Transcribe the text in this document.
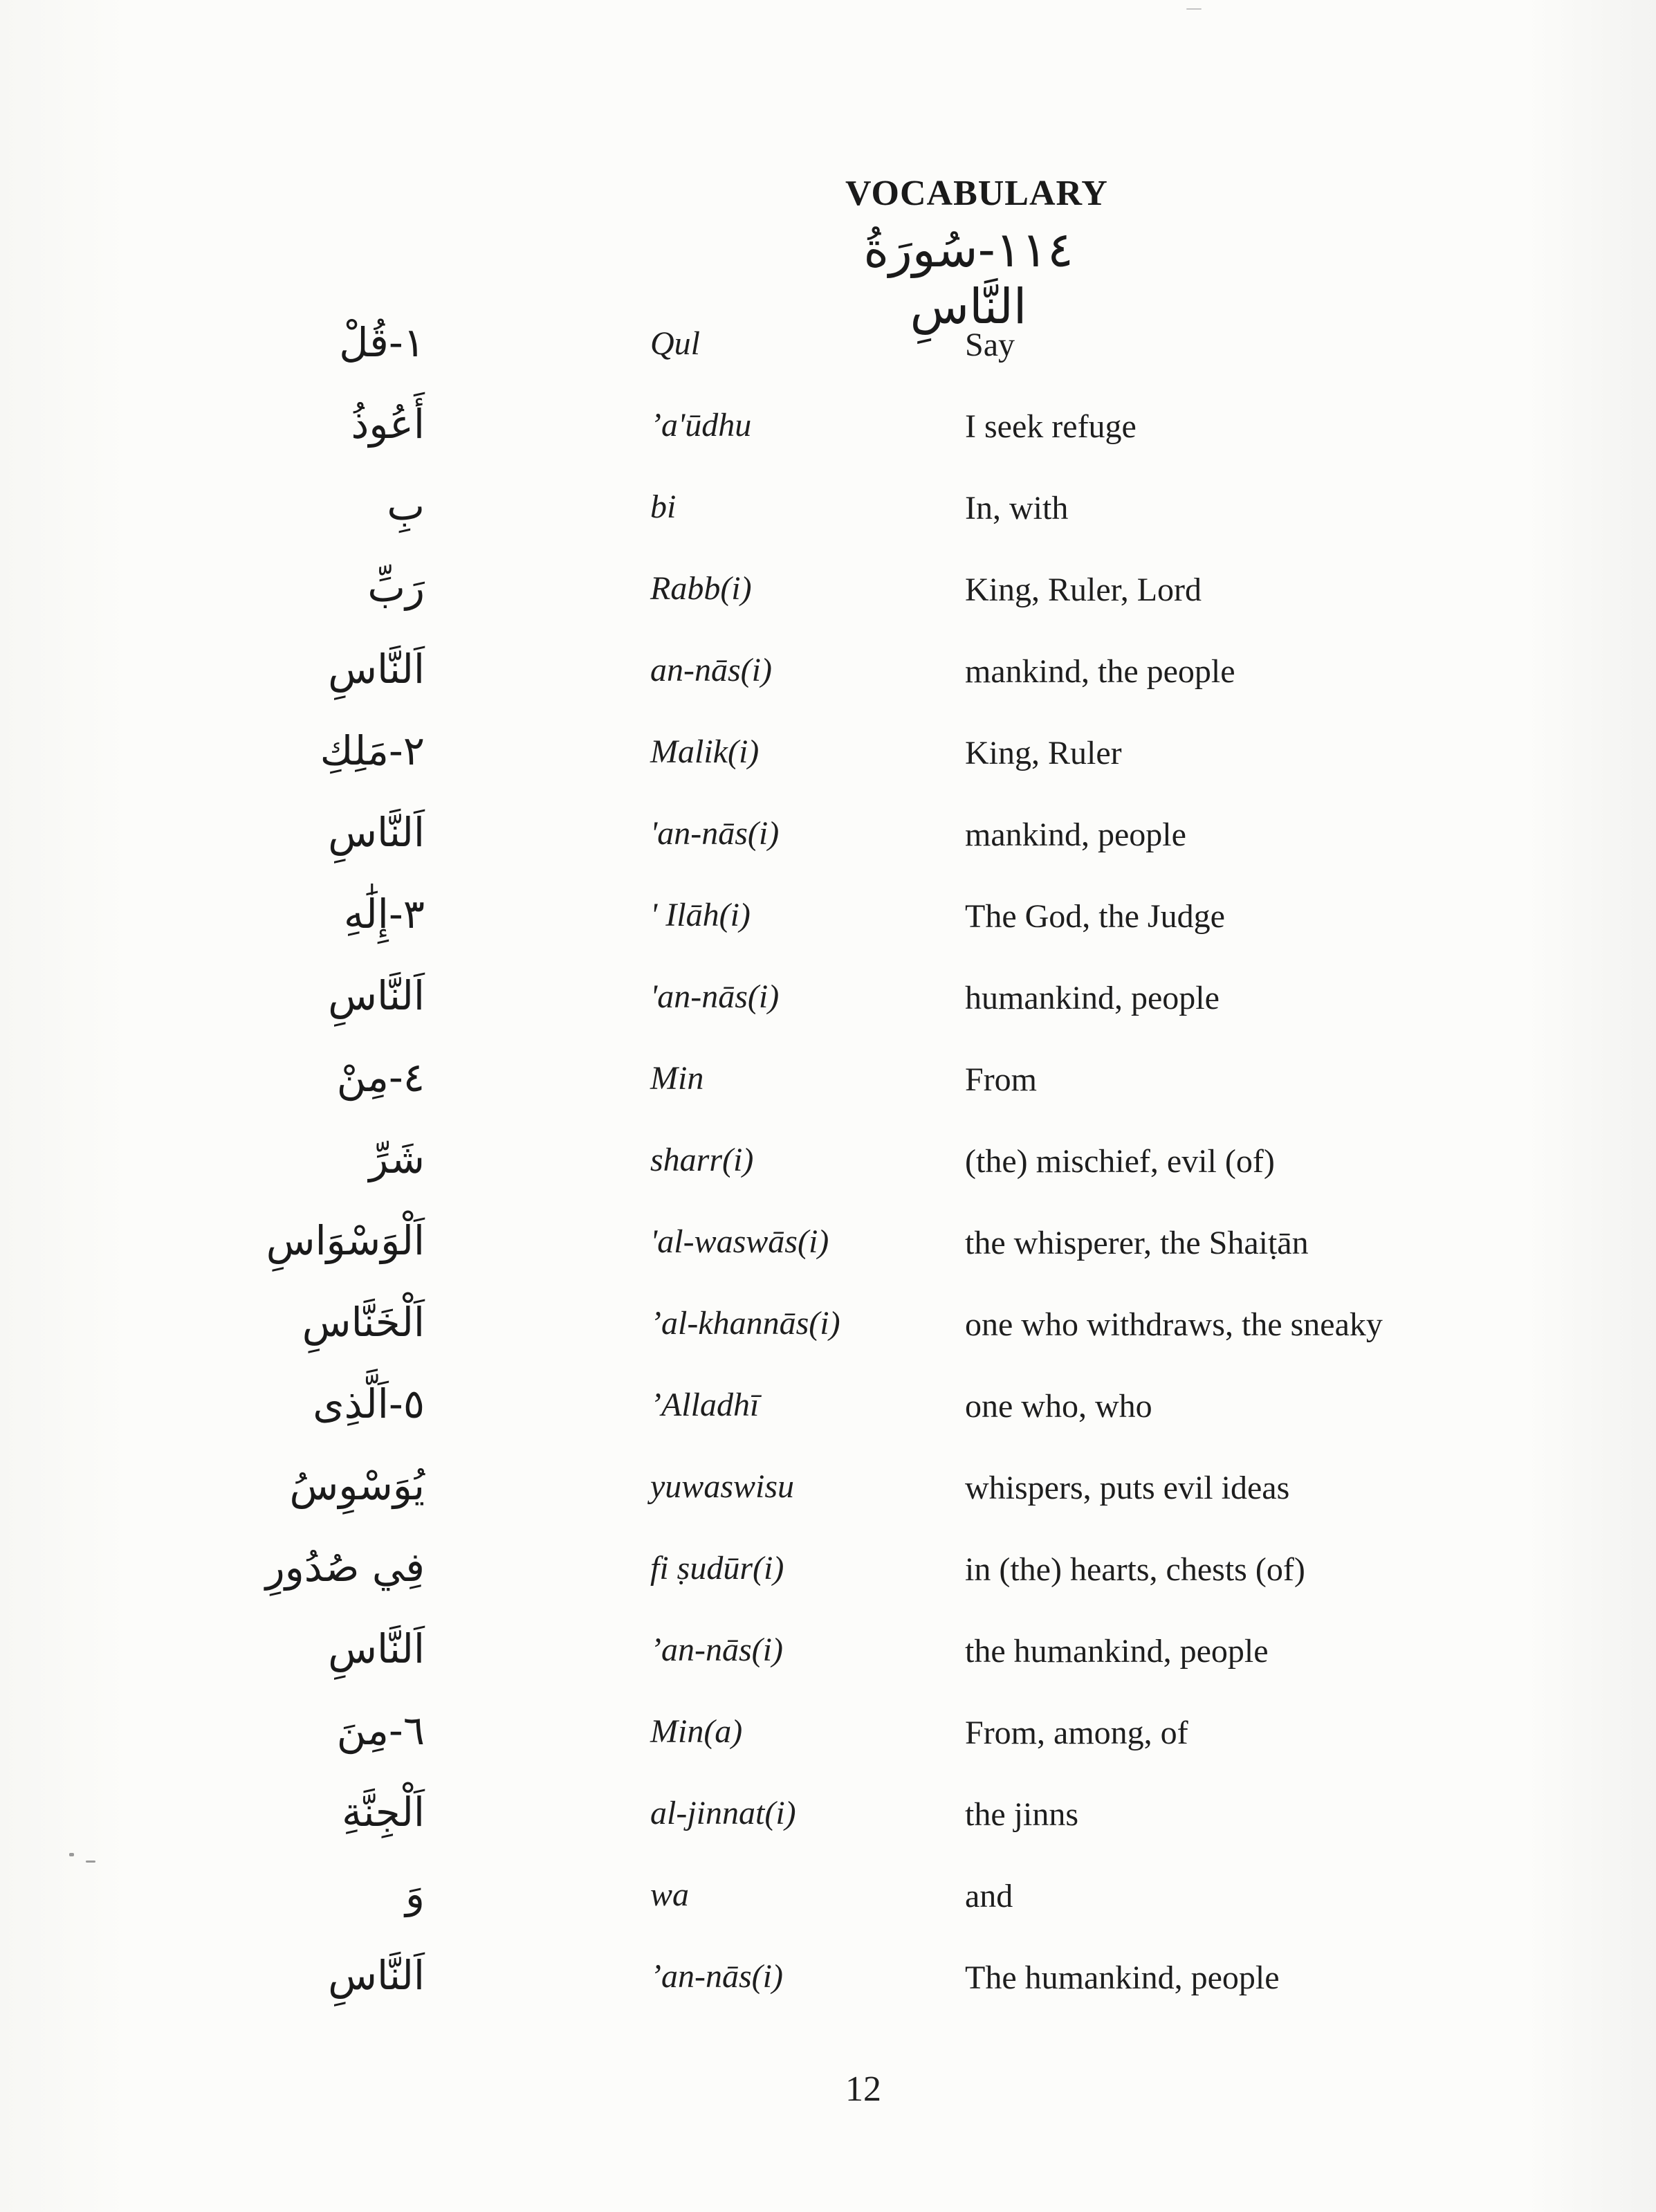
VOCABULARY
١١٤-سُورَةُ النَّاسِ
١-قُلْ	Qul	Say
أَعُوذُ	ʼa'ūdhu	I seek refuge
بِ	bi	In, with
رَبِّ	Rabb(i)	King, Ruler, Lord
اَلنَّاسِ	an-nās(i)	mankind, the people
٢-مَلِكِ	Malik(i)	King, Ruler
اَلنَّاسِ	'an-nās(i)	mankind, people
٣-إِلَٰهِ	' Ilāh(i)	The God, the Judge
اَلنَّاسِ	'an-nās(i)	humankind, people
٤-مِنْ	Min	From
شَرِّ	sharr(i)	(the) mischief, evil (of)
اَلْوَسْوَاسِ	'al-waswās(i)	the whisperer, the Shaiṭān
اَلْخَنَّاسِ	ʼal-khannās(i)	one who withdraws, the sneaky
٥-اَلَّذِى	ʼAlladhī	one who, who
يُوَسْوِسُ	yuwaswisu	whispers, puts evil ideas
فِي صُدُورِ	fi ṣudūr(i)	in (the) hearts, chests (of)
اَلنَّاسِ	ʼan-nās(i)	the humankind, people
٦-مِنَ	Min(a)	From, among, of
اَلْجِنَّةِ	al-jinnat(i)	the jinns
وَ	wa	and
اَلنَّاسِ	ʼan-nās(i)	The humankind, people
12
